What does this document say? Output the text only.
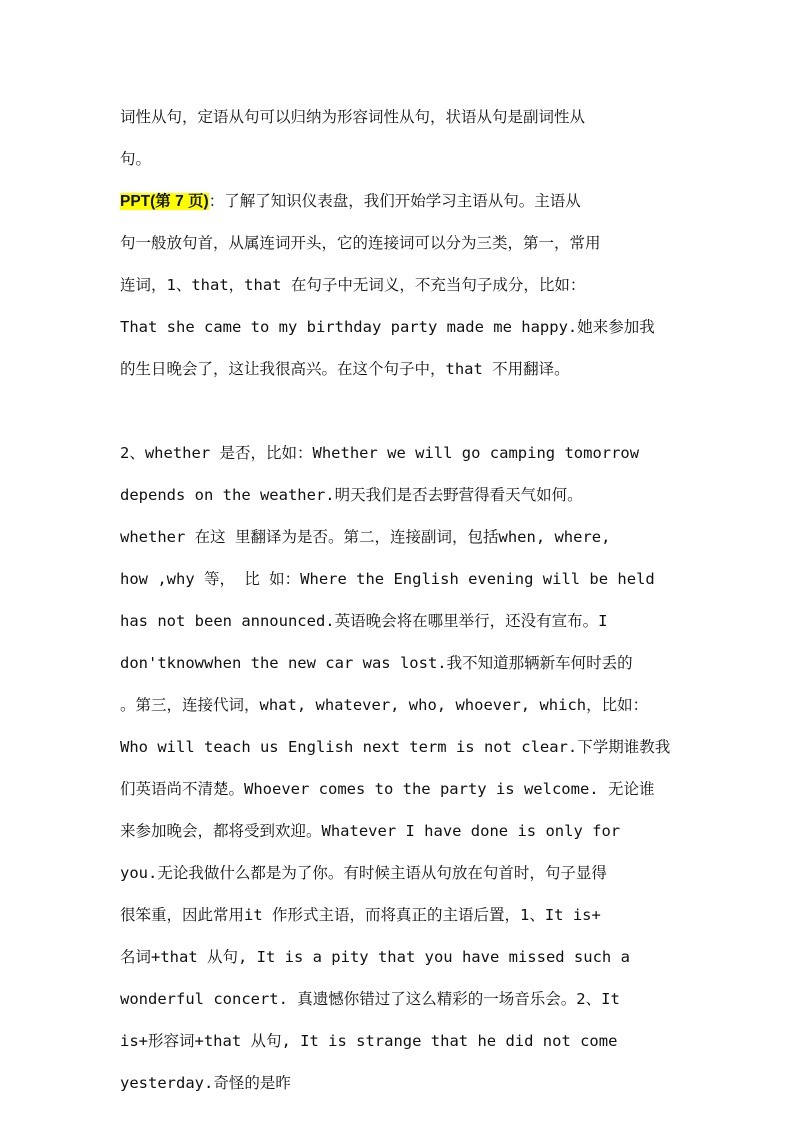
词性从句，定语从句可以归纳为形容词性从句，状语从句是副词性从
句。
PPT(第 7 页)：了解了知识仪表盘，我们开始学习主语从句。主语从
句一般放句首，从属连词开头，它的连接词可以分为三类，第一，常用
连词，1、that，that 在句子中无词义，不充当句子成分，比如：
That she came to my birthday party made me happy.她来参加我
的生日晚会了，这让我很高兴。在这个句子中，that 不用翻译。
2、whether 是否，比如：Whether we will go camping tomorrow
depends on the weather.明天我们是否去野营得看天气如何。
whether 在这 里翻译为是否。第二，连接副词，包括when, where,
how ,why 等， 比 如：Where the English evening will be held
has not been announced.英语晚会将在哪里举行，还没有宣布。I
don'tknowwhen the new car was lost.我不知道那辆新车何时丢的
。第三，连接代词，what, whatever, who, whoever, which，比如：
Who will teach us English next term is not clear.下学期谁教我
们英语尚不清楚。Whoever comes to the party is welcome. 无论谁
来参加晚会，都将受到欢迎。Whatever I have done is only for
you.无论我做什么都是为了你。有时候主语从句放在句首时，句子显得
很笨重，因此常用it 作形式主语，而将真正的主语后置，1、It is+
名词+that 从句, It is a pity that you have missed such a
wonderful concert. 真遗憾你错过了这么精彩的一场音乐会。2、It
is+形容词+that 从句, It is strange that he did not come
yesterday.奇怪的是昨
